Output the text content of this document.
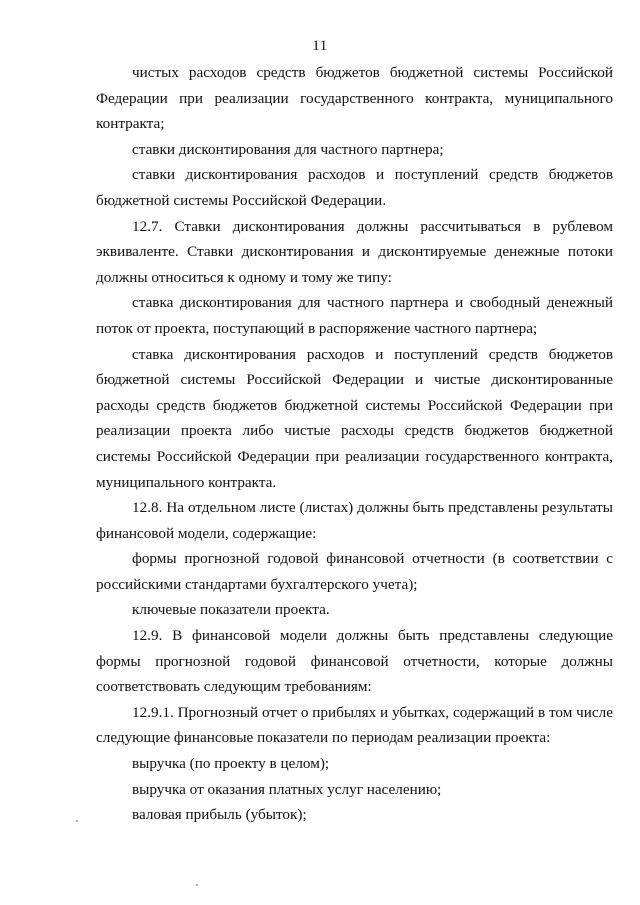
11

чистых расходов средств бюджетов бюджетной системы Российской Федерации при реализации государственного контракта, муниципального контракта;

ставки дисконтирования для частного партнера;

ставки дисконтирования расходов и поступлений средств бюджетов бюджетной системы Российской Федерации.

12.7. Ставки дисконтирования должны рассчитываться в рублевом эквиваленте. Ставки дисконтирования и дисконтируемые денежные потоки должны относиться к одному и тому же типу:

ставка дисконтирования для частного партнера и свободный денежный поток от проекта, поступающий в распоряжение частного партнера;

ставка дисконтирования расходов и поступлений средств бюджетов бюджетной системы Российской Федерации и чистые дисконтированные расходы средств бюджетов бюджетной системы Российской Федерации при реализации проекта либо чистые расходы средств бюджетов бюджетной системы Российской Федерации при реализации государственного контракта, муниципального контракта.

12.8. На отдельном листе (листах) должны быть представлены результаты финансовой модели, содержащие:

формы прогнозной годовой финансовой отчетности (в соответствии с российскими стандартами бухгалтерского учета);

ключевые показатели проекта.

12.9. В финансовой модели должны быть представлены следующие формы прогнозной годовой финансовой отчетности, которые должны соответствовать следующим требованиям:

12.9.1. Прогнозный отчет о прибылях и убытках, содержащий в том числе следующие финансовые показатели по периодам реализации проекта:

выручка (по проекту в целом);

выручка от оказания платных услуг населению;

валовая прибыль (убыток);
